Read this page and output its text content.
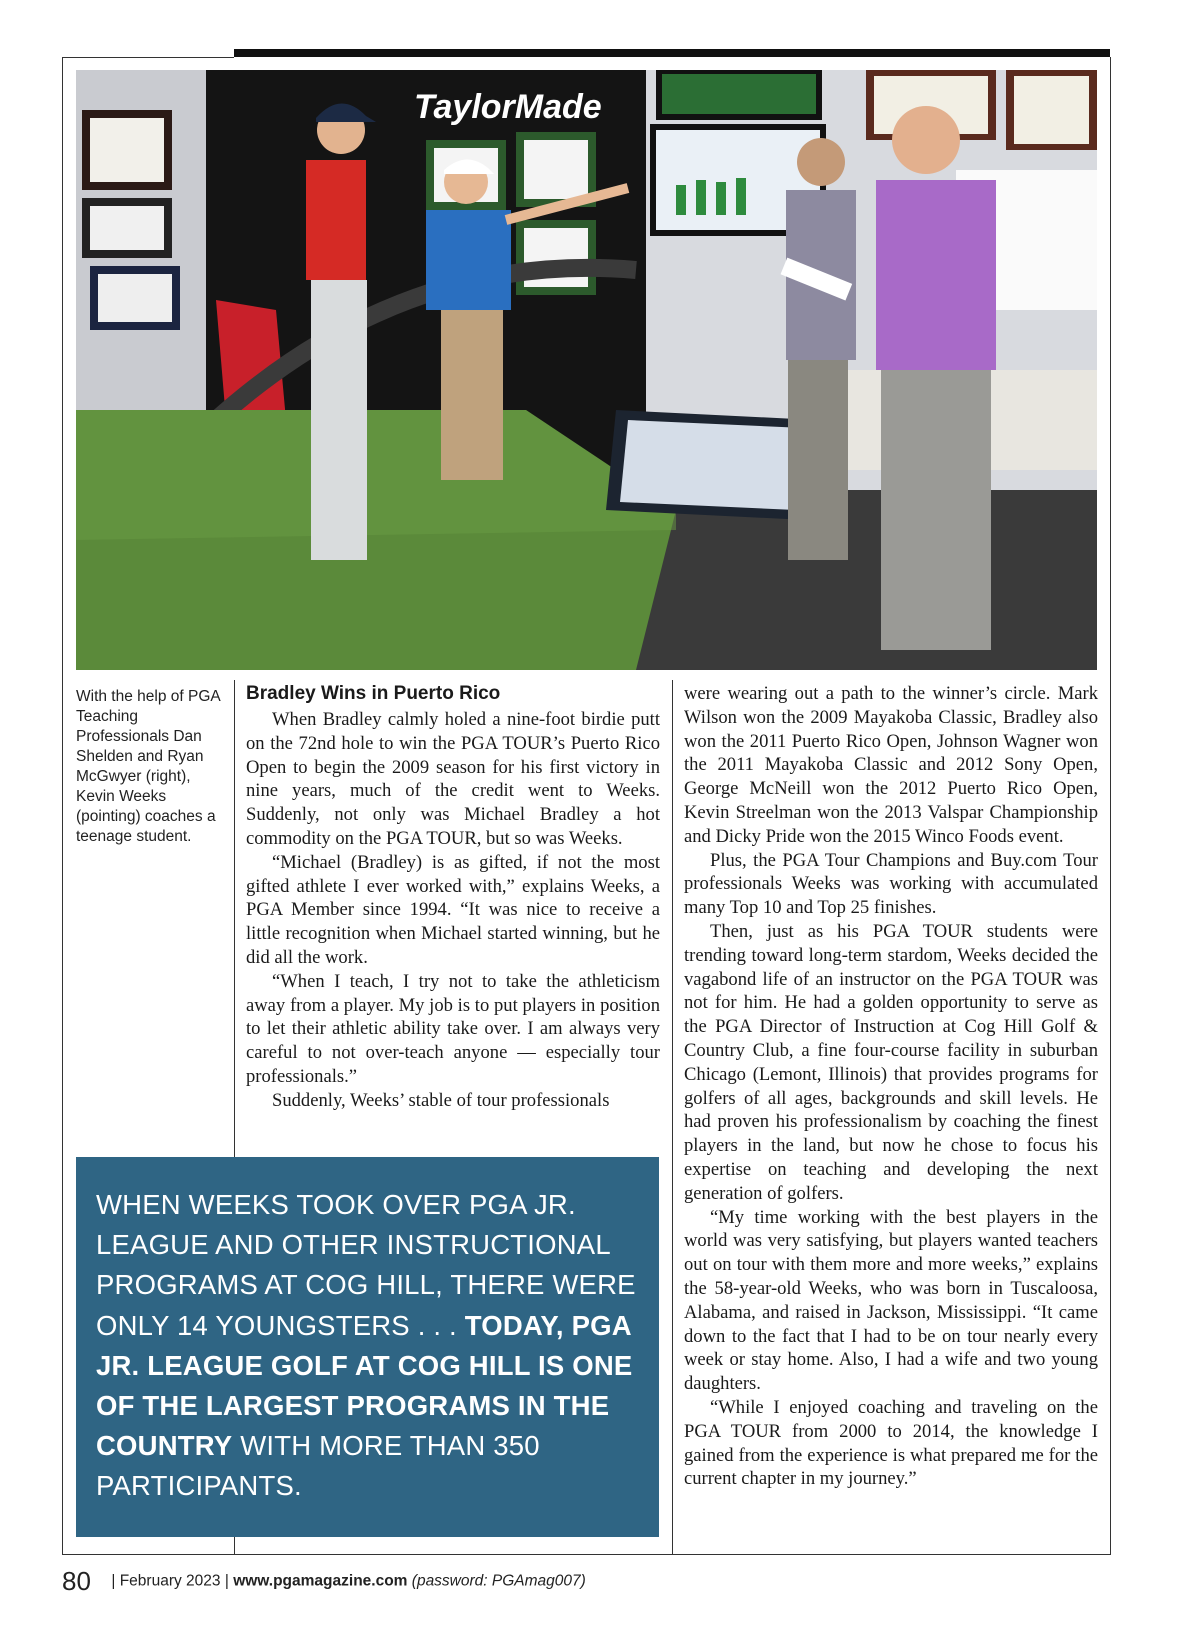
TaylorMade
With the help of PGA Teaching Professionals Dan Shelden and Ryan McGwyer (right), Kevin Weeks (pointing) coaches a teenage student.
Bradley Wins in Puerto Rico

When Bradley calmly holed a nine-foot birdie putt on the 72nd hole to win the PGA TOUR’s Puerto Rico Open to begin the 2009 season for his first victory in nine years, much of the credit went to Weeks. Suddenly, not only was Michael Bradley a hot commodity on the PGA TOUR, but so was Weeks.

“Michael (Bradley) is as gifted, if not the most gifted athlete I ever worked with,” explains Weeks, a PGA Member since 1994. “It was nice to receive a little recognition when Michael started winning, but he did all the work.

“When I teach, I try not to take the athleticism away from a player. My job is to put players in position to let their athletic ability take over. I am always very careful to not over-teach anyone — especially tour professionals.”

Suddenly, Weeks’ stable of tour professionals

were wearing out a path to the winner’s circle. Mark Wilson won the 2009 Mayakoba Classic, Bradley also won the 2011 Puerto Rico Open, Johnson Wagner won the 2011 Mayakoba Classic and 2012 Sony Open, George McNeill won the 2012 Puerto Rico Open, Kevin Streelman won the 2013 Valspar Championship and Dicky Pride won the 2015 Winco Foods event.

Plus, the PGA Tour Champions and Buy.com Tour professionals Weeks was working with accumulated many Top 10 and Top 25 finishes.

Then, just as his PGA TOUR students were trending toward long-term stardom, Weeks decided the vagabond life of an instructor on the PGA TOUR was not for him. He had a golden opportunity to serve as the PGA Director of Instruction at Cog Hill Golf & Country Club, a fine four-course facility in suburban Chicago (Lemont, Illinois) that provides programs for golfers of all ages, backgrounds and skill levels. He had proven his professionalism by coaching the finest players in the land, but now he chose to focus his expertise on teaching and developing the next generation of golfers.

“My time working with the best players in the world was very satisfying, but players wanted teachers out on tour with them more and more weeks,” explains the 58-year-old Weeks, who was born in Tuscaloosa, Alabama, and raised in Jackson, Mississippi. “It came down to the fact that I had to be on tour nearly every week or stay home. Also, I had a wife and two young daughters.

“While I enjoyed coaching and traveling on the PGA TOUR from 2000 to 2014, the knowledge I gained from the experience is what prepared me for the current chapter in my journey.”

WHEN WEEKS TOOK OVER PGA JR. LEAGUE AND OTHER INSTRUCTIONAL PROGRAMS AT COG HILL, THERE WERE ONLY 14 YOUNGSTERS . . . TODAY, PGA JR. LEAGUE GOLF AT COG HILL IS ONE OF THE LARGEST PROGRAMS IN THE COUNTRY WITH MORE THAN 350 PARTICIPANTS.
80 | February 2023 | www.pgamagazine.com (password: PGAmag007)
